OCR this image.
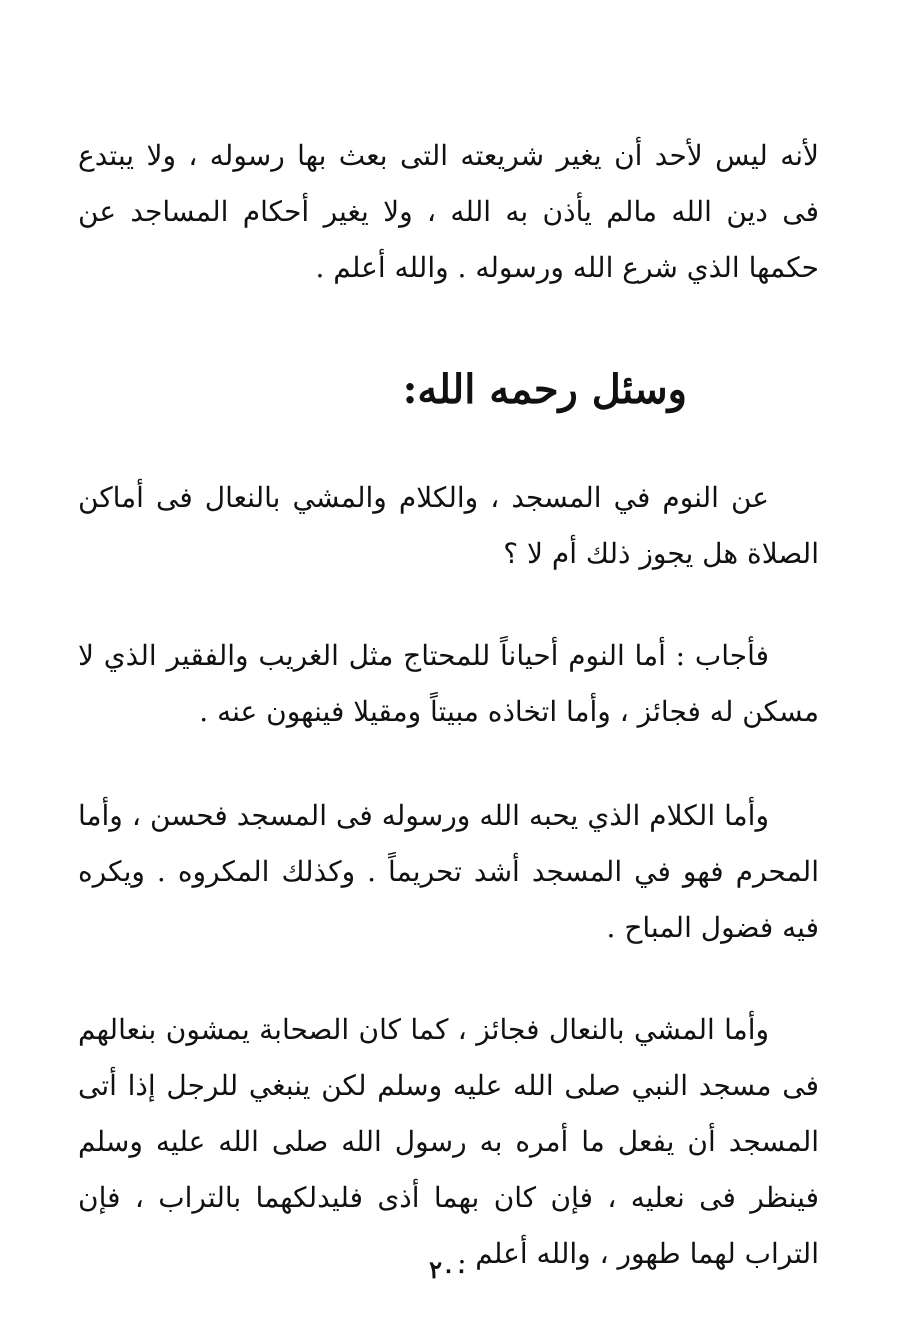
لأنه ليس لأحد أن يغير شريعته التى بعث بها رسوله ، ولا يبتدع فى دين الله مالم يأذن به الله ، ولا يغير أحكام المساجد عن حكمها الذي شرع الله ورسوله . والله أعلم .

وسئل رحمه الله:

عن النوم في المسجد ، والكلام والمشي بالنعال فى أماكن الصلاة هل يجوز ذلك أم لا ؟

فأجاب : أما النوم أحياناً للمحتاج مثل الغريب والفقير الذي لا مسكن له فجائز ، وأما اتخاذه مبيتاً ومقيلا فينهون عنه .

وأما الكلام الذي يحبه الله ورسوله فى المسجد فحسن ، وأما المحرم فهو في المسجد أشد تحريماً . وكذلك المكروه . ويكره فيه فضول المباح .

وأما المشي بالنعال فجائز ، كما كان الصحابة يمشون بنعالهم فى مسجد النبي صلى الله عليه وسلم لكن ينبغي للرجل إذا أتى المسجد أن يفعل ما أمره به رسول الله صلى الله عليه وسلم فينظر فى نعليه ، فإن كان بهما أذى فليدلكهما بالتراب ، فإن التراب لهما طهور ، والله أعلم .

٢٠٠
